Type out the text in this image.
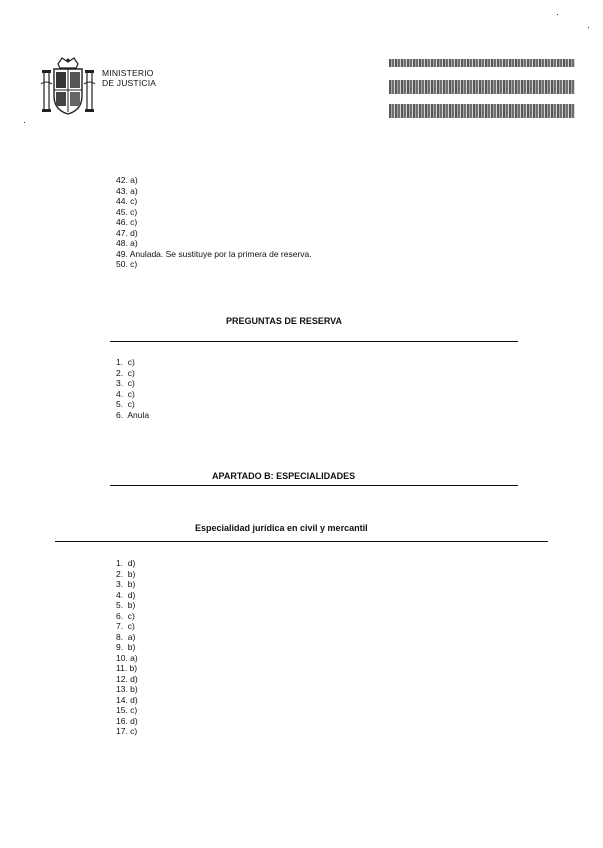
MINISTERIO
DE JUSTICIA
42. a)
43. a)
44. c)
45. c)
46. c)
47. d)
48. a)
49. Anulada. Se sustituye por la primera de reserva.
50. c)
PREGUNTAS DE RESERVA
1.  c)
2.  c)
3.  c)
4.  c)
5.  c)
6.  Anula
APARTADO B: ESPECIALIDADES
Especialidad jurídica en civil y mercantil
1.  d)
2.  b)
3.  b)
4.  d)
5.  b)
6.  c)
7.  c)
8.  a)
9.  b)
10. a)
11. b)
12. d)
13. b)
14. d)
15. c)
16. d)
17. c)
